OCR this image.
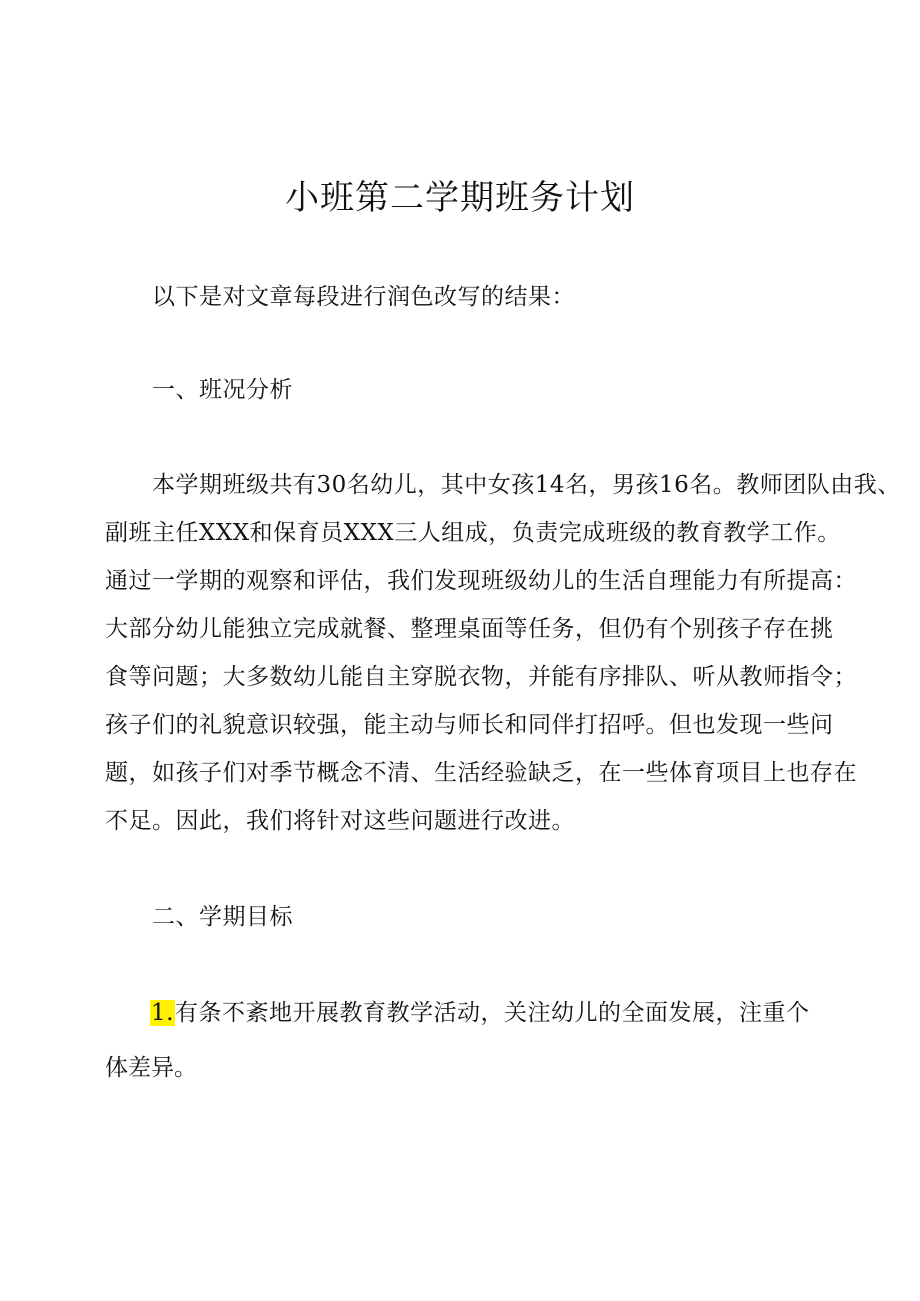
小班第二学期班务计划
以下是对文章每段进行润色改写的结果：
一、班况分析
本学期班级共有30名幼儿，其中女孩14名，男孩16名。教师团队由我、
副班主任XXX和保育员XXX三人组成，负责完成班级的教育教学工作。
通过一学期的观察和评估，我们发现班级幼儿的生活自理能力有所提高：
大部分幼儿能独立完成就餐、整理桌面等任务，但仍有个别孩子存在挑
食等问题；大多数幼儿能自主穿脱衣物，并能有序排队、听从教师指令；
孩子们的礼貌意识较强，能主动与师长和同伴打招呼。但也发现一些问
题，如孩子们对季节概念不清、生活经验缺乏，在一些体育项目上也存在
不足。因此，我们将针对这些问题进行改进。
二、学期目标
1.有条不紊地开展教育教学活动，关注幼儿的全面发展，注重个
体差异。
